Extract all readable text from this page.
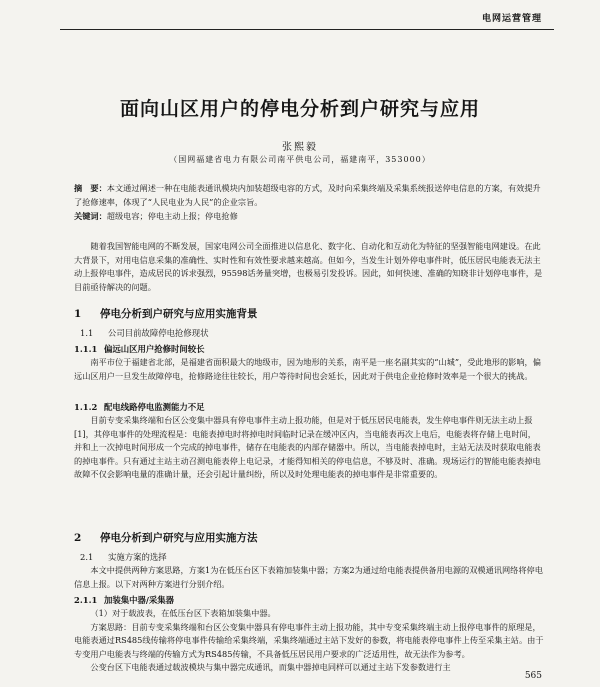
电网运营管理
面向山区用户的停电分析到户研究与应用
张熙毅
（国网福建省电力有限公司南平供电公司，福建南平，353000）
摘　要：本文通过阐述一种在电能表通讯模块内加装超级电容的方式，及时向采集终端及采集系统报送停电信息的方案，有效提升了抢修速率，体现了“人民电业为人民”的企业宗旨。
关键词：超级电容；停电主动上报；停电抢修

随着我国智能电网的不断发展，国家电网公司全面推进以信息化、数字化、自动化和互动化为特征的坚强智能电网建设。在此大背景下，对用电信息采集的准确性、实时性和有效性要求越来越高。但如今，当发生计划外停电事件时，低压居民电能表无法主动上报停电事件，造成居民的诉求强烈，95598话务量突增，也极易引发投诉。因此，如何快速、准确的知晓非计划停电事件，是目前亟待解决的问题。

1 停电分析到户研究与应用实施背景
1.1 公司目前故障停电抢修现状
1.1.1 偏远山区用户抢修时间较长

南平市位于福建省北部，是福建省面积最大的地级市，因为地形的关系，南平是一座名副其实的“山城”，受此地形的影响，偏远山区用户一旦发生故障停电，抢修路途往往较长，用户等待时间也会延长，因此对于供电企业抢修时效率是一个很大的挑战。

1.1.2 配电线路停电监测能力不足

目前专变采集终端和台区公变集中器具有停电事件主动上报功能，但是对于低压居民电能表，发生停电事件则无法主动上报[1]，其停电事件的处理流程是：电能表掉电时将掉电时间临时记录在缓冲区内，当电能表再次上电后，电能表将存储上电时间，并和上一次掉电时间形成一个完成的掉电事件，储存在电能表的内部存储器中。所以，当电能表掉电时，主站无法及时获取电能表的掉电事件。只有通过主站主动召测电能表停上电记录，才能得知相关的停电信息，不够及时、准确。现场运行的智能电能表掉电故障不仅会影响电量的准确计量，还会引起计量纠纷，所以及时处理电能表的掉电事件是非常重要的。

2 停电分析到户研究与应用实施方法
2.1 实施方案的选择

本文中提供两种方案思路，方案1为在低压台区下表箱加装集中器；方案2为通过给电能表提供备用电源的双模通讯网络将停电信息上报。以下对两种方案进行分别介绍。

2.1.1 加装集中器/采集器

（1）对于载波表，在低压台区下表箱加装集中器。

方案思路：目前专变采集终端和台区公变集中器具有停电事件主动上报功能，其中专变采集终端主动上报停电事件的原理是，电能表通过RS485线传输将停电事件传输给采集终端，采集终端通过主站下发好的参数，将电能表停电事件上传至采集主站。由于专变用户电能表与终端的传输方式为RS485传输，不具备低压居民用户要求的广泛适用性，故无法作为参考。

公变台区下电能表通过载波模块与集中器完成通讯，而集中器掉电同样可以通过主站下发参数进行主

565
